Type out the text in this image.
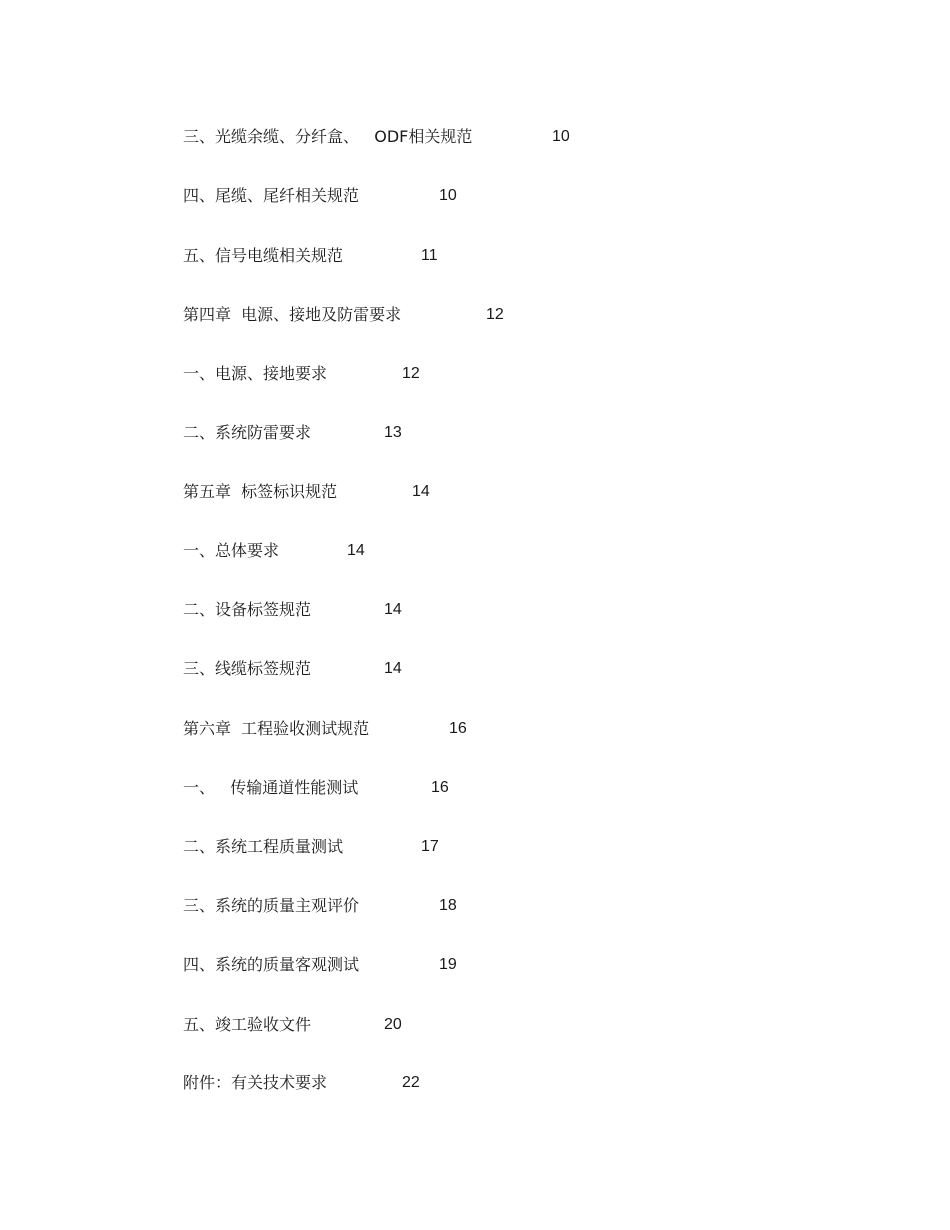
三、光缆余缆、分纤盒、   ODF相关规范	10
四、尾缆、尾纤相关规范	10
五、信号电缆相关规范	11
第四章  电源、接地及防雷要求	12
一、电源、接地要求	12
二、系统防雷要求	13
第五章  标签标识规范	14
一、总体要求	14
二、设备标签规范	14
三、线缆标签规范	14
第六章  工程验收测试规范	16
一、   传输通道性能测试	16
二、系统工程质量测试	17
三、系统的质量主观评价	18
四、系统的质量客观测试	19
五、竣工验收文件	20
附件：有关技术要求	22
